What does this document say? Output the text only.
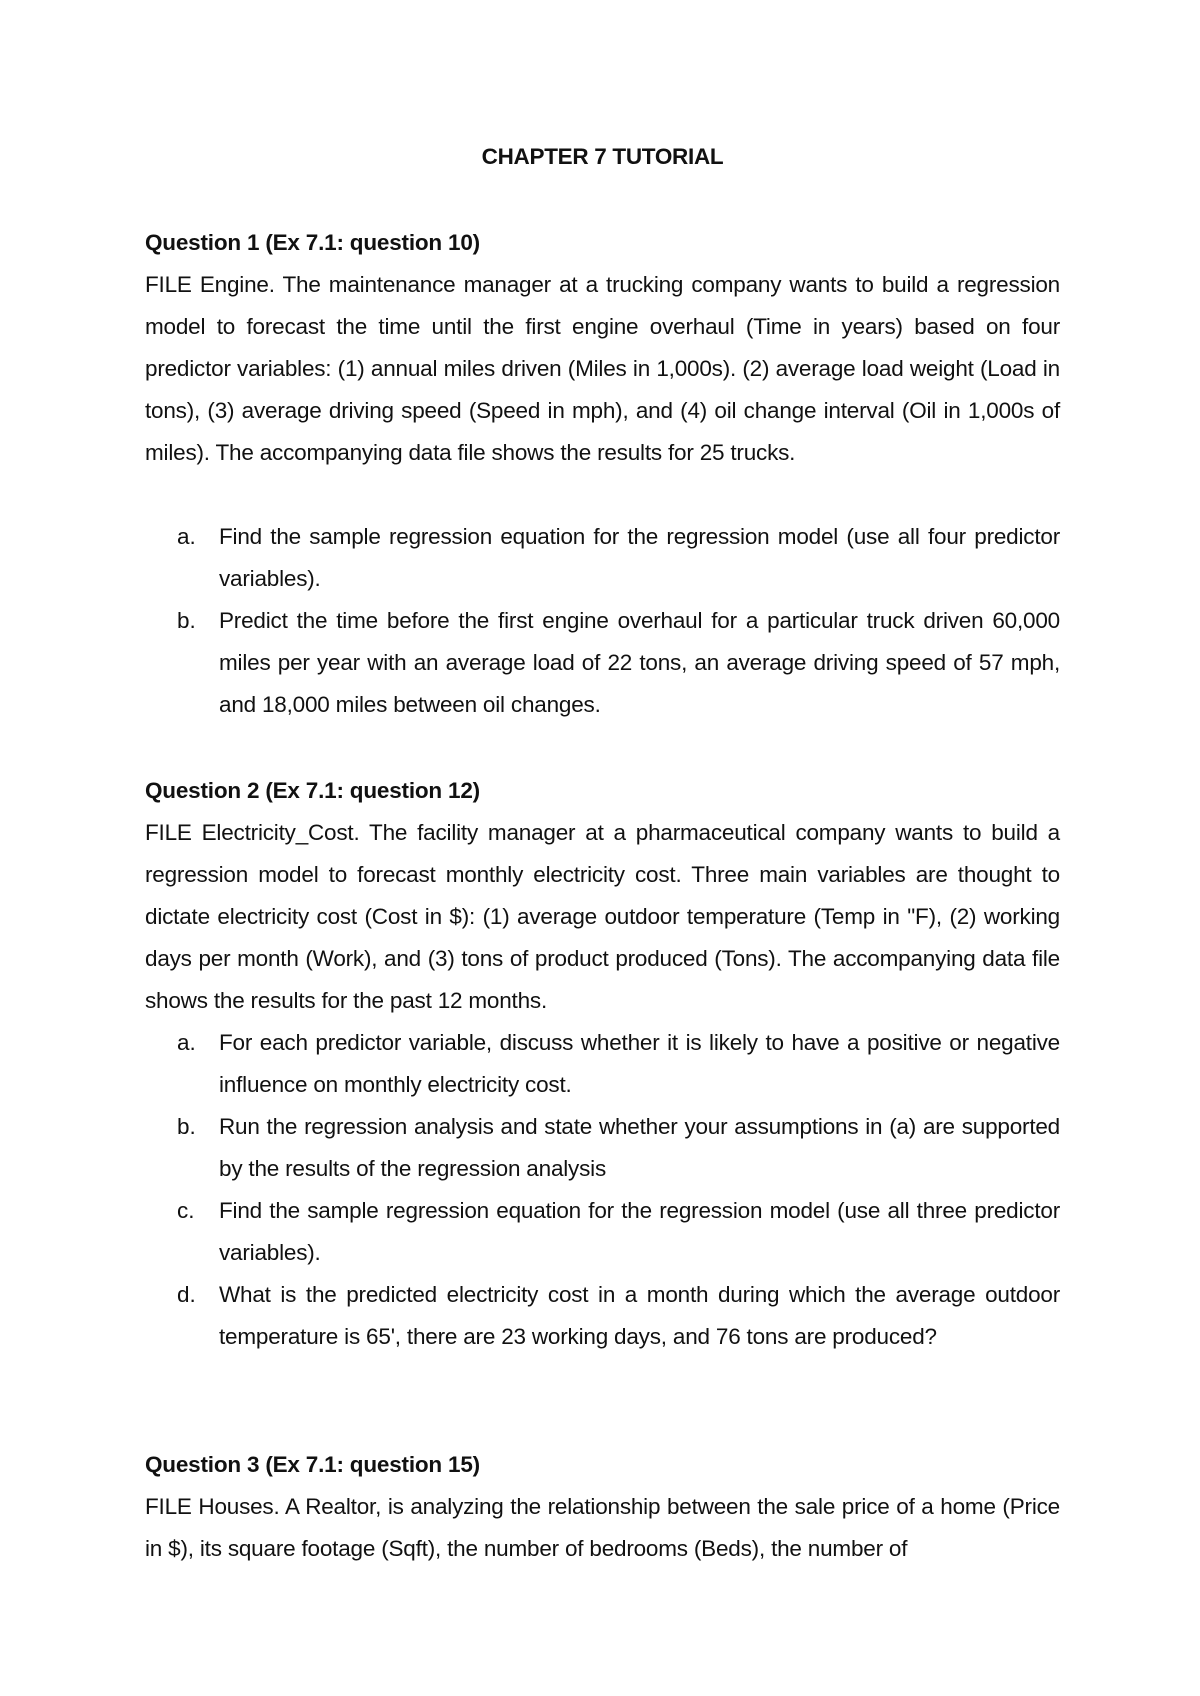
CHAPTER 7 TUTORIAL
Question 1 (Ex 7.1: question 10)
FILE Engine. The maintenance manager at a trucking company wants to build a regression model to forecast the time until the first engine overhaul (Time in years) based on four predictor variables: (1) annual miles driven (Miles in 1,000s). (2) average load weight (Load in tons), (3) average driving speed (Speed in mph), and (4) oil change interval (Oil in 1,000s of miles). The accompanying data file shows the results for 25 trucks.
a.	Find the sample regression equation for the regression model (use all four predictor variables).
b.	Predict the time before the first engine overhaul for a particular truck driven 60,000 miles per year with an average load of 22 tons, an average driving speed of 57 mph, and 18,000 miles between oil changes.
Question 2 (Ex 7.1: question 12)
FILE Electricity_Cost. The facility manager at a pharmaceutical company wants to build a regression model to forecast monthly electricity cost. Three main variables are thought to dictate electricity cost (Cost in $): (1) average outdoor temperature (Temp in "F), (2) working days per month (Work), and (3) tons of product produced (Tons). The accompanying data file shows the results for the past 12 months.
a.	For each predictor variable, discuss whether it is likely to have a positive or negative influence on monthly electricity cost.
b.	Run the regression analysis and state whether your assumptions in (a) are supported by the results of the regression analysis
c.	Find the sample regression equation for the regression model (use all three predictor variables).
d.	What is the predicted electricity cost in a month during which the average outdoor temperature is 65', there are 23 working days, and 76 tons are produced?
Question 3 (Ex 7.1: question 15)
FILE Houses. A Realtor, is analyzing the relationship between the sale price of a home (Price in $), its square footage (Sqft), the number of bedrooms (Beds), the number of
